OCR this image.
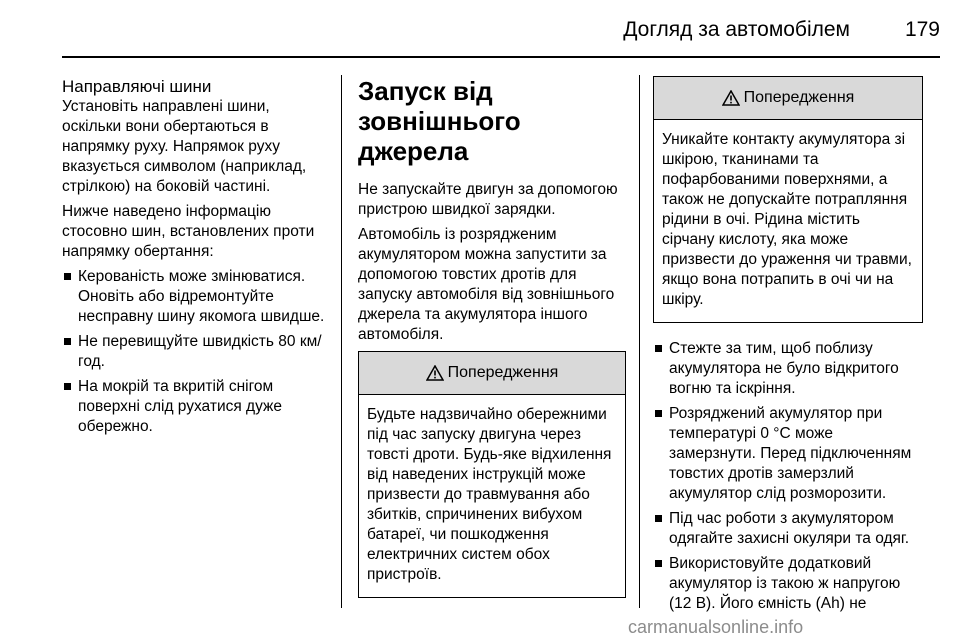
Догляд за автомобілем	179
Направляючі шини

Установіть направлені шини, оскільки вони обертаються в напрямку руху. Напрямок руху вказується символом (наприклад, стрілкою) на боковій частині.

Нижче наведено інформацію стосовно шин, встановлених проти напрямку обертання:

Керованість може змінюватися. Оновіть або відремонтуйте несправну шину якомога швидше.
Не перевищуйте швидкість 80 км/год.
На мокрій та вкритій снігом поверхні слід рухатися дуже обережно.
Запуск від зовнішнього джерела

Не запускайте двигун за допомогою пристрою швидкої зарядки.

Автомобіль із розрядженим акумулятором можна запустити за допомогою товстих дротів для запуску автомобіля від зовнішнього джерела та акумулятора іншого автомобіля.

Попередження
Будьте надзвичайно обережними під час запуску двигуна через товсті дроти. Будь-яке відхилення від наведених інструкцій може призвести до травмування або збитків, спричинених вибухом батареї, чи пошкодження електричних систем обох пристроїв.
Попередження
Уникайте контакту акумулятора зі шкірою, тканинами та пофарбованими поверхнями, а також не допускайте потрапляння рідини в очі. Рідина містить сірчану кислоту, яка може призвести до ураження чи травми, якщо вона потрапить в очі чи на шкіру.
Стежте за тим, щоб поблизу акумулятора не було відкритого вогню та іскріння.
Розряджений акумулятор при температурі 0 °С може замерзнути. Перед підключенням товстих дротів замерзлий акумулятор слід розморозити.
Під час роботи з акумулятором одягайте захисні окуляри та одяг.
Використовуйте додатковий акумулятор із такою ж напругою (12 В). Його ємність (Ah) не
carmanualsonline.info
